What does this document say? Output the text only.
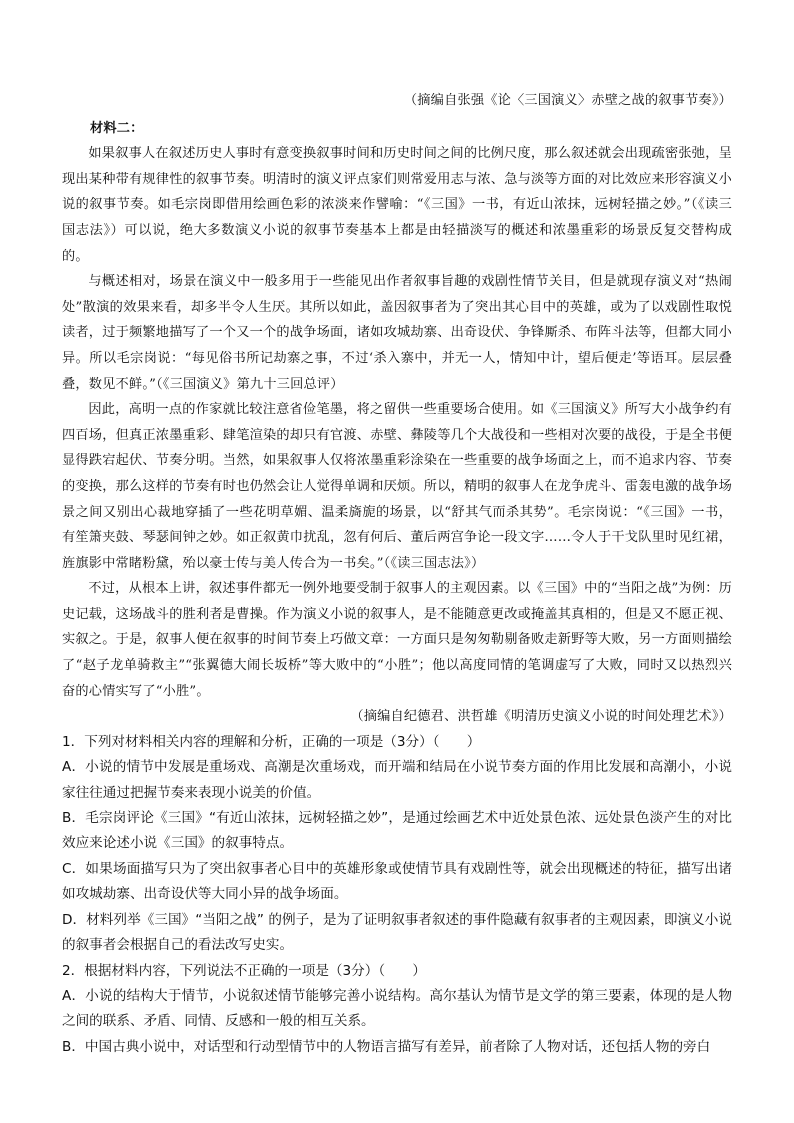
（摘编自张强《论〈三国演义〉赤壁之战的叙事节奏》）

材料二：

如果叙事人在叙述历史人事时有意变换叙事时间和历史时间之间的比例尺度，那么叙述就会出现疏密张弛，呈现出某种带有规律性的叙事节奏。明清时的演义评点家们则常爱用志与浓、急与淡等方面的对比效应来形容演义小说的叙事节奏。如毛宗岗即借用绘画色彩的浓淡来作譬喻：“《三国》一书，有近山浓抹，远树轻描之妙。”（《读三国志法》）可以说，绝大多数演义小说的叙事节奏基本上都是由轻描淡写的概述和浓墨重彩的场景反复交替构成的。

与概述相对，场景在演义中一般多用于一些能见出作者叙事旨趣的戏剧性情节关目，但是就现存演义对“热闹处”散演的效果来看，却多半令人生厌。其所以如此，盖因叙事者为了突出其心目中的英雄，或为了以戏剧性取悦读者，过于频繁地描写了一个又一个的战争场面，诸如攻城劫寨、出奇设伏、争锋厮杀、布阵斗法等，但都大同小异。所以毛宗岗说：“每见俗书所记劫寨之事，不过‘杀入寨中，并无一人，情知中计，望后便走’等语耳。层层叠叠，数见不鲜。”（《三国演义》第九十三回总评）

因此，高明一点的作家就比较注意省俭笔墨，将之留供一些重要场合使用。如《三国演义》所写大小战争约有四百场，但真正浓墨重彩、肆笔渲染的却只有官渡、赤壁、彝陵等几个大战役和一些相对次要的战役，于是全书便显得跌宕起伏、节奏分明。当然，如果叙事人仅将浓墨重彩涂染在一些重要的战争场面之上，而不追求内容、节奏的变换，那么这样的节奏有时也仍然会让人觉得单调和厌烦。所以，精明的叙事人在龙争虎斗、雷轰电激的战争场景之间又别出心裁地穿插了一些花明草媚、温柔旖旎的场景，以“舒其气而杀其势”。毛宗岗说：“《三国》一书，有笙箫夹鼓、琴瑟间钟之妙。如正叙黄巾扰乱，忽有何后、董后两宫争论一段文字……令人于干戈队里时见红裙，旌旗影中常睹粉黛，殆以豪士传与美人传合为一书矣。”（《读三国志法》）

不过，从根本上讲，叙述事件都无一例外地要受制于叙事人的主观因素。以《三国》中的“当阳之战”为例：历史记载，这场战斗的胜利者是曹操。作为演义小说的叙事人，是不能随意更改或掩盖其真相的，但是又不愿正视、实叙之。于是，叙事人便在叙事的时间节奏上巧做文章：一方面只是匆匆勒剔备败走新野等大败，另一方面则描绘了“赵子龙单骑救主”“张翼德大闹长坂桥”等大败中的“小胜”；他以高度同情的笔调虚写了大败，同时又以热烈兴奋的心情实写了“小胜”。

（摘编自纪德君、洪哲雄《明清历史演义小说的时间处理艺术》）

1．下列对材料相关内容的理解和分析，正确的一项是（3分）（　　）

A．小说的情节中发展是重场戏、高潮是次重场戏，而开端和结局在小说节奏方面的作用比发展和高潮小，小说家往往通过把握节奏来表现小说美的价值。

B．毛宗岗评论《三国》“有近山浓抹，远树轻描之妙”，是通过绘画艺术中近处景色浓、远处景色淡产生的对比效应来论述小说《三国》的叙事特点。

C．如果场面描写只为了突出叙事者心目中的英雄形象或使情节具有戏剧性等，就会出现概述的特征，描写出诸如攻城劫寨、出奇设伏等大同小异的战争场面。

D．材料列举《三国》“当阳之战” 的例子，是为了证明叙事者叙述的事件隐藏有叙事者的主观因素，即演义小说的叙事者会根据自己的看法改写史实。

2．根据材料内容，下列说法不正确的一项是（3分）（　　）

A．小说的结构大于情节，小说叙述情节能够完善小说结构。高尔基认为情节是文学的第三要素，体现的是人物之间的联系、矛盾、同情、反感和一般的相互关系。

B．中国古典小说中，对话型和行动型情节中的人物语言描写有差异，前者除了人物对话，还包括人物的旁白
